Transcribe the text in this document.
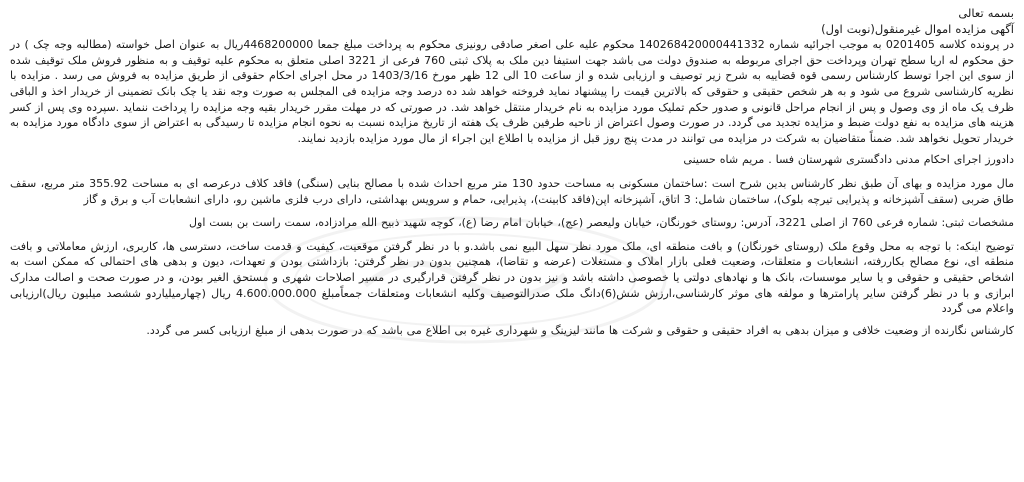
بسمه تعالی

آگهی مزایده اموال غیرمنقول(نوبت اول)

در پرونده کلاسه 0201405 به موجب اجرائیه شماره 140268420000441332 محکوم علیه علی اصغر صادقی رونیزی محکوم به پرداخت مبلغ جمعا 4468200000ریال به عنوان اصل خواسته (مطالبه وجه چک ) در حق محکوم له اریا سطح تهران وپرداخت حق اجرای مربوطه به صندوق دولت می باشد جهت استیفا دین ملک به پلاک ثبتی 760 فرعی از 3221 اصلی متعلق به محکوم علیه توقیف و به منظور فروش ملک توقیف شده از سوی این اجرا توسط کارشناس رسمی قوه قضاییه به شرح زیر توصیف و ارزیابی شده و از ساعت 10 الی 12 ظهر مورخ 1403/3/16 در محل اجرای احکام حقوقی از طریق مزایده به فروش می رسد . مزایده با نظریه کارشناسی شروع می شود و به هر شخص حقیقی و حقوقی که بالاترین قیمت را پیشنهاد نماید فروخته خواهد شد ده درصد وجه مزایده فی المجلس به صورت وجه نقد یا چک بانک تضمینی از خریدار اخذ و الباقی ظرف یک ماه از وی وصول و پس از انجام مراحل قانونی و صدور حکم تملیک مورد مزایده به نام خریدار منتقل خواهد شد. در صورتی که در مهلت مقرر خریدار بقیه وجه مزایده را پرداخت ننماید .سپرده وی پس از کسر هزینه های مزایده به نفع دولت ضبط و مزایده تجدید می گردد. در صورت وصول اعتراض از ناحیه طرفین ظرف یک هفته از تاریخ مزایده نسبت به نحوه انجام مزایده تا رسیدگی به اعتراض از سوی دادگاه مورد مزایده به خریدار تحویل نخواهد شد. ضمناً متقاضیان به شرکت در مزایده می توانند در مدت پنج روز قبل از مزایده با اطلاع این اجراء از مال مورد مزایده بازدید نمایند.

دادورز اجرای احکام مدنی دادگستری شهرستان فسا . مریم شاه حسینی

مال مورد مزایده و بهای آن طبق نظر کارشناس بدین شرح است :ساختمان مسکونی به مساحت حدود 130 متر مربع احداث شده با مصالح بنایی (سنگی) فاقد کلاف درعرصه ای به مساحت 355.92 متر مربع، سقف طاق ضربی (سقف آشپزخانه و پذیرایی تیرچه بلوک)، ساختمان شامل: 3 اتاق، آشپزخانه اپن(فاقد کابینت)، پذیرایی، حمام و سرویس بهداشتی، دارای درب فلزی ماشین رو، دارای انشعابات آب و برق و گاز

مشخصات ثبتی: شماره فرعی 760 از اصلی 3221، آدرس: روستای خورنگان، خیابان ولیعصر (عج)، خیابان امام رضا (ع)، کوچه شهید ذبیح الله مرادزاده، سمت راست بن بست اول

توضیح اینکه: با توجه به محل وقوع ملک (روستای خورنگان) و بافت منطقه ای، ملک مورد نظر سهل البیع نمی باشد.و با در نظر گرفتن موقعیت، کیفیت و قدمت ساخت، دسترسی ها، کاربری، ارزش معاملاتی و بافت منطقه ای، نوع مصالح بکاررفته، انشعابات و متعلقات، وضعیت فعلی بازار املاک و مستغلات (عرضه و تقاضا)، همچنین بدون در نظر گرفتن: بازداشتی بودن و تعهدات، دیون و بدهی های احتمالی که ممکن است به اشخاص حقیقی و حقوقی و یا سایر موسسات، بانک ها و نهادهای دولتی یا خصوصی داشته باشد و نیز بدون در نظر گرفتن قرارگیری در مسیر اصلاحات شهری و مستحق الغیر بودن، و در صورت صحت و اصالت مدارک ابرازی و با در نظر گرفتن سایر پارامترها و مولفه های موثر کارشناسی،ارزش شش(6)دانگ ملک صدرالتوصیف وکلیه انشعابات ومتعلقات جمعاًمبلغ 4.600.000.000 ریال (چهارمیلیاردو ششصد میلیون ریال)ارزیابی واعلام می گردد

کارشناس نگارنده از وضعیت خلافی و میزان بدهی به افراد حقیقی و حقوقی و شرکت ها مانند لیزینگ و شهرداری غیره بی اطلاع می باشد که در صورت بدهی از مبلغ ارزیابی کسر می گردد.
